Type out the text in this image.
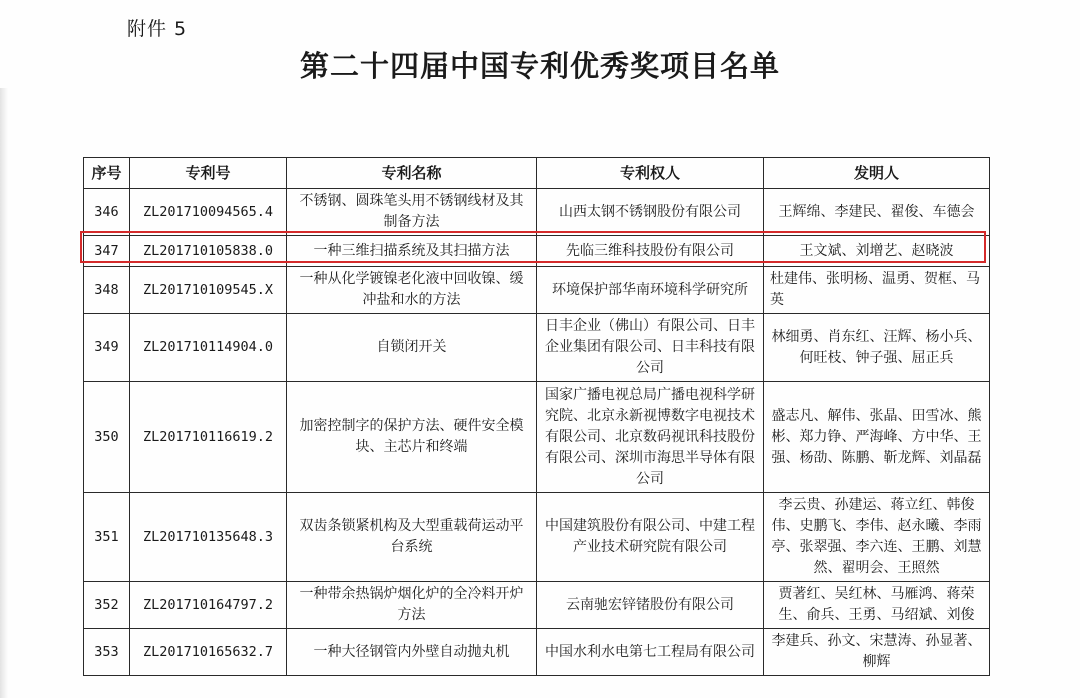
附件 5
第二十四届中国专利优秀奖项目名单
序号	专利号	专利名称	专利权人	发明人
346	ZL201710094565.4	不锈钢、圆珠笔头用不锈钢线材及其制备方法	山西太钢不锈钢股份有限公司	王辉绵、李建民、翟俊、车德会
347	ZL201710105838.0	一种三维扫描系统及其扫描方法	先临三维科技股份有限公司	王文斌、刘增艺、赵晓波
348	ZL201710109545.X	一种从化学镀镍老化液中回收镍、缓冲盐和水的方法	环境保护部华南环境科学研究所	杜建伟、张明杨、温勇、贺框、马英
349	ZL201710114904.0	自锁闭开关	日丰企业（佛山）有限公司、日丰企业集团有限公司、日丰科技有限公司	林细勇、肖东红、汪辉、杨小兵、何旺枝、钟子强、屈正兵
350	ZL201710116619.2	加密控制字的保护方法、硬件安全模块、主芯片和终端	国家广播电视总局广播电视科学研究院、北京永新视博数字电视技术有限公司、北京数码视讯科技股份有限公司、深圳市海思半导体有限公司	盛志凡、解伟、张晶、田雪冰、熊彬、郑力铮、严海峰、方中华、王强、杨劭、陈鹏、靳龙辉、刘晶磊
351	ZL201710135648.3	双齿条锁紧机构及大型重载荷运动平台系统	中国建筑股份有限公司、中建工程产业技术研究院有限公司	李云贵、孙建运、蒋立红、韩俊伟、史鹏飞、李伟、赵永曦、李雨亭、张翠强、李六连、王鹏、刘慧然、翟明会、王照然
352	ZL201710164797.2	一种带余热锅炉烟化炉的全冷料开炉方法	云南驰宏锌锗股份有限公司	贾著红、吴红林、马雁鸿、蒋荣生、俞兵、王勇、马绍斌、刘俊
353	ZL201710165632.7	一种大径钢管内外壁自动抛丸机	中国水利水电第七工程局有限公司	李建兵、孙文、宋慧涛、孙显著、柳辉
